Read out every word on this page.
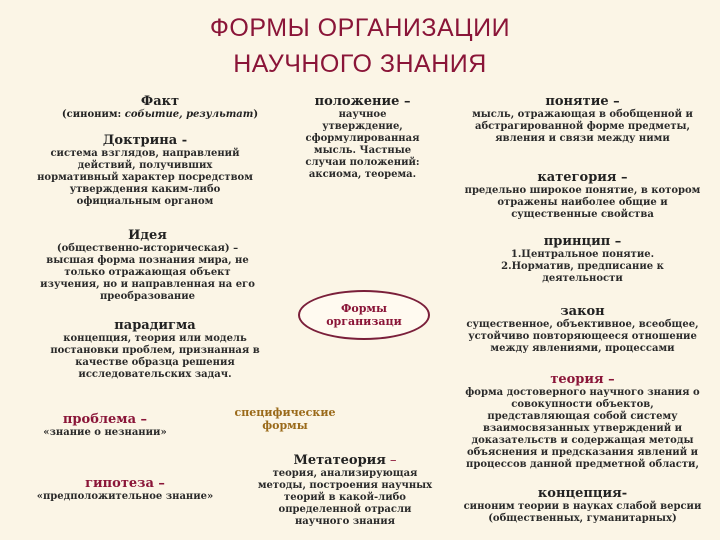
ФОРМЫ ОРГАНИЗАЦИИ
НАУЧНОГО ЗНАНИЯ
Факт
(синоним: событие, результат)
Доктрина -
система взглядов, направлений
действий, получивших
нормативный характер посредством
утверждения каким-либо
официальным органом
Идея
(общественно-историческая) –
высшая форма познания мира, не
только отражающая объект
изучения, но и направленная на его
преобразование
парадигма
концепция, теория или модель
постановки проблем, признанная в
качестве образца решения
исследовательских задач.
проблема –
«знание о незнании»
гипотеза –
«предположительное знание»
положение –
научное
утверждение,
сформулированная
мысль. Частные
случаи положений:
аксиома, теорема.
Формы
организаци
специфические
формы
Метатеория –
теория, анализирующая
методы, построения научных
теорий в какой-либо
определенной отрасли
научного знания
понятие –
мысль, отражающая в обобщенной и
абстрагированной форме предметы,
явления и связи между ними
категория –
предельно широкое понятие, в котором
отражены наиболее общие и
существенные свойства
принцип –
1.Центральное понятие.
2.Норматив, предписание к
деятельности
закон
существенное, объективное, всеобщее,
устойчиво повторяющееся отношение
между явлениями, процессами
теория –
форма достоверного научного знания о
совокупности объектов,
представляющая собой систему
взаимосвязанных утверждений и
доказательств и содержащая методы
объяснения и предсказания явлений и
процессов данной предметной области,
концепция-
синоним теории в науках слабой версии
(общественных, гуманитарных)
